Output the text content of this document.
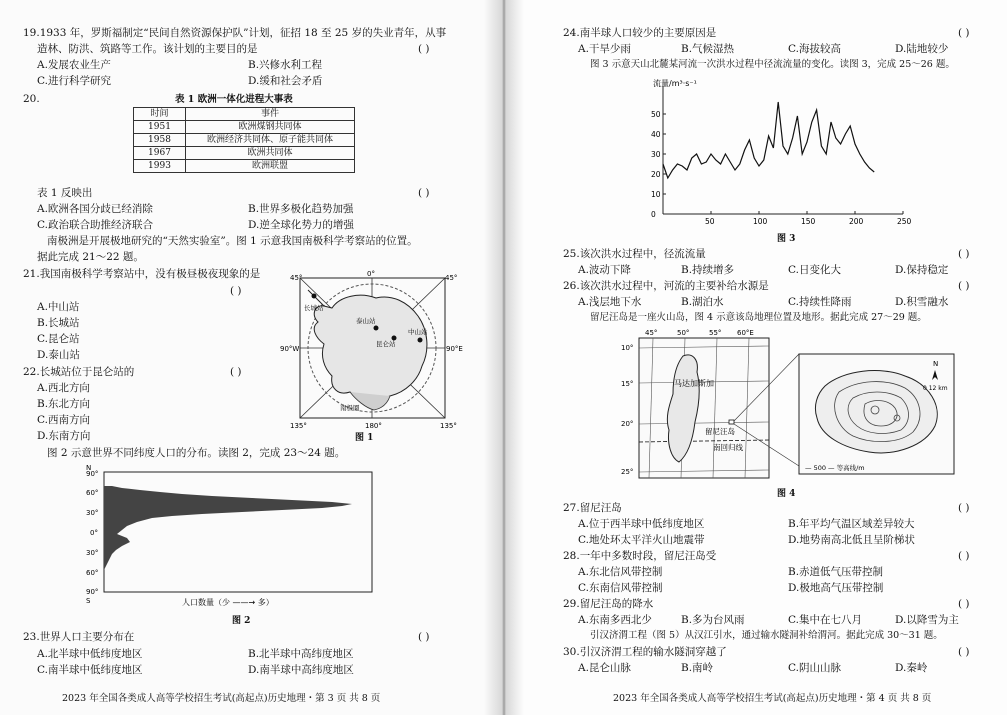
19.1933 年，罗斯福制定“民间自然资源保护队”计划，征招 18 至 25 岁的失业青年，从事
造林、防洪、筑路等工作。该计划的主要目的是	( )
A.发展农业生产	B.兴修水利工程
C.进行科学研究	D.缓和社会矛盾
20.	表 1 欧洲一体化进程大事表
时间	事件
1951	欧洲煤钢共同体
1958	欧洲经济共同体、原子能共同体
1967	欧洲共同体
1993	欧洲联盟
表 1 反映出	( )
A.欧洲各国分歧已经消除	B.世界多极化趋势加强
C.政治联合助推经济联合	D.逆全球化势力的增强
南极洲是开展极地研究的“天然实验室”。图 1 示意我国南极科学考察站的位置。
据此完成 21～22 题。
21.我国南极科学考察站中，没有极昼极夜现象的是
( )
A.中山站
B.长城站
C.昆仑站
D.泰山站
22.长城站位于昆仑站的	( )
A.西北方向
B.东北方向
C.西南方向
D.东南方向
45°	0°	45°
90°W	90°E
135°	180°	135°
长城站
昆仑站
泰山站
中山站
南极圈
图 1
图 2 示意世界不同纬度人口的分布。读图 2，完成 23～24 题。
N
90°
60°
30°
0°
30°
60°
90°
S	人口数量（少 ——→ 多）
图 2
23.世界人口主要分布在	( )
A.北半球中低纬度地区	B.北半球中高纬度地区
C.南半球中低纬度地区	D.南半球中高纬度地区
2023 年全国各类成人高等学校招生考试(高起点)历史地理・第 3 页 共 8 页
24.南半球人口较少的主要原因是	( )
A.干旱少雨	B.气候湿热	C.海拔较高	D.陆地较少
图 3 示意天山北麓某河流一次洪水过程中径流流量的变化。读图 3，完成 25～26 题。
流量/m³·s⁻¹
50	100	150	200	250
0
10
20
30
40
50
图 3
25.该次洪水过程中，径流流量	( )
A.波动下降	B.持续增多	C.日变化大	D.保持稳定
26.该次洪水过程中，河流的主要补给水源是	( )
A.浅层地下水	B.湖泊水	C.持续性降雨	D.积雪融水
留尼汪岛是一座火山岛，图 4 示意该岛地理位置及地形。据此完成 27～29 题。
45°	50°	55° 60°E
马达加斯加
留尼汪岛
南回归线
10°
15°
20°
25°
N
0 12 km
— 500 — 等高线/m
图 4
27.留尼汪岛	( )
A.位于西半球中低纬度地区	B.年平均气温区域差异较大
C.地处环太平洋火山地震带	D.地势南高北低且呈阶梯状
28.一年中多数时段，留尼汪岛受	( )
A.东北信风带控制	B.赤道低气压带控制
C.东南信风带控制	D.极地高气压带控制
29.留尼汪岛的降水	( )
A.东南多西北少	B.多为台风雨	C.集中在七八月	D.以降雪为主
引汉济渭工程（图 5）从汉江引水，通过输水隧洞补给渭河。据此完成 30～31 题。
30.引汉济渭工程的输水隧洞穿越了	( )
A.昆仑山脉	B.南岭	C.阴山山脉	D.秦岭
2023 年全国各类成人高等学校招生考试(高起点)历史地理・第 4 页 共 8 页
